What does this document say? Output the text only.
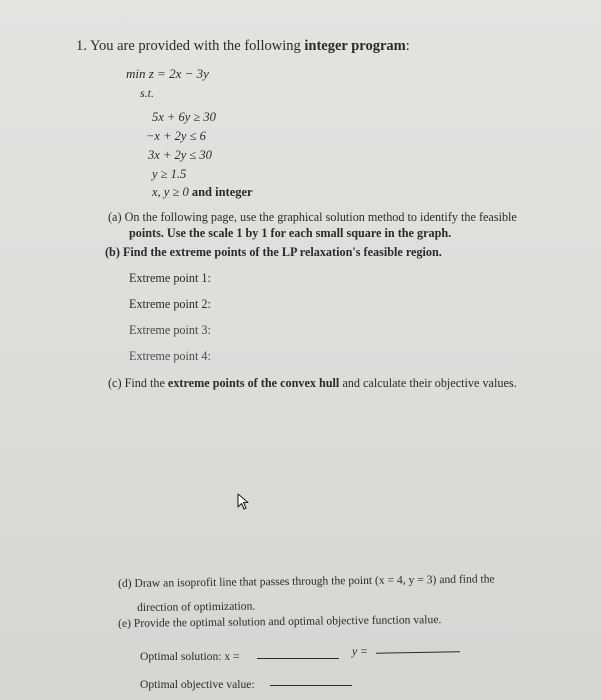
1. You are provided with the following integer program:
min z = 2x − 3y
s.t.
5x + 6y ≥ 30
−x + 2y ≤ 6
3x + 2y ≤ 30
y ≥ 1.5
x, y ≥ 0 and integer
(a) On the following page, use the graphical solution method to identify the feasible
points. Use the scale 1 by 1 for each small square in the graph.
(b) Find the extreme points of the LP relaxation's feasible region.
Extreme point 1:
Extreme point 2:
Extreme point 3:
Extreme point 4:
(c) Find the extreme points of the convex hull and calculate their objective values.
(d) Draw an isoprofit line that passes through the point (x = 4, y = 3) and find the
direction of optimization.
(e) Provide the optimal solution and optimal objective function value.
Optimal solution: x =	y =
Optimal objective value:
